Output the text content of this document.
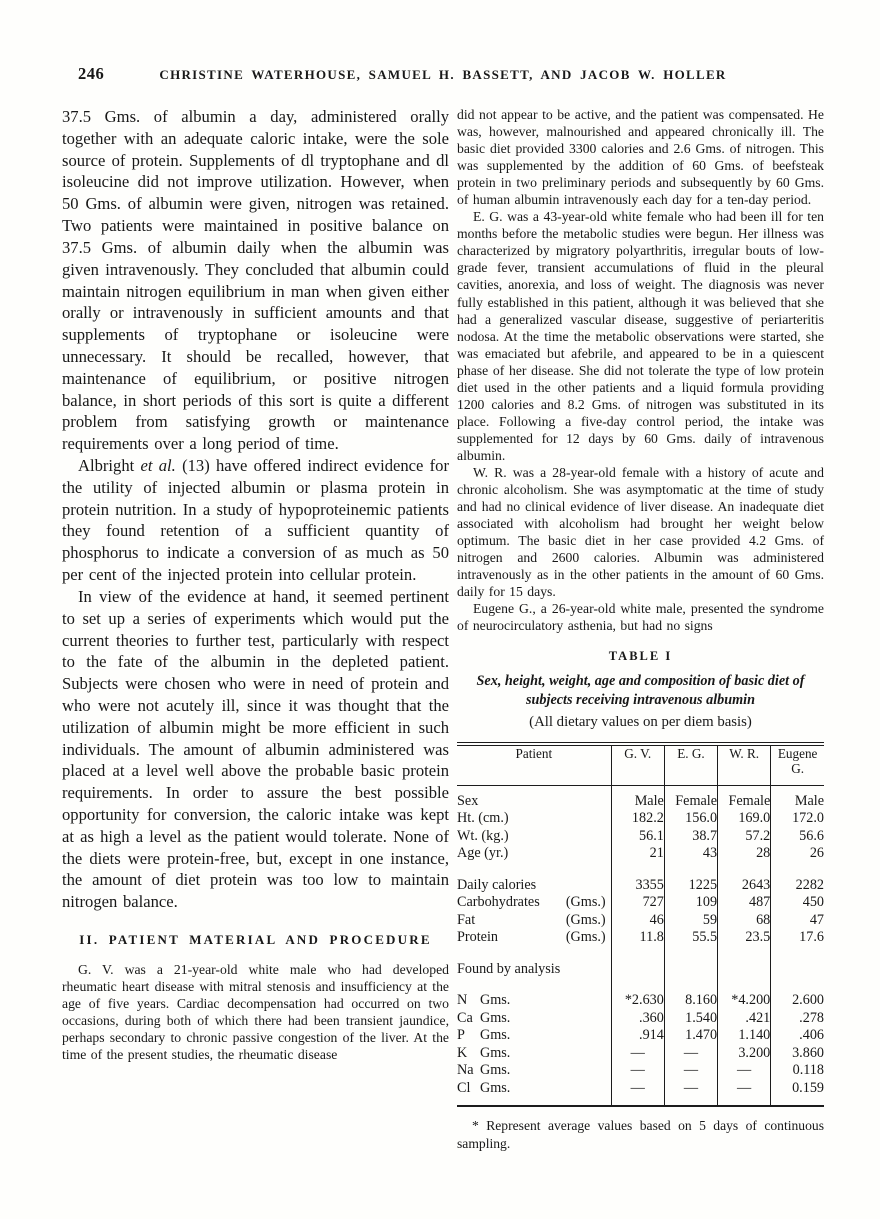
246	CHRISTINE WATERHOUSE, SAMUEL H. BASSETT, AND JACOB W. HOLLER

37.5 Gms. of albumin a day, administered orally together with an adequate caloric intake, were the sole source of protein. Supplements of dl tryptophane and dl isoleucine did not improve utilization. However, when 50 Gms. of albumin were given, nitrogen was retained. Two patients were maintained in positive balance on 37.5 Gms. of albumin daily when the albumin was given intravenously. They concluded that albumin could maintain nitrogen equilibrium in man when given either orally or intravenously in sufficient amounts and that supplements of tryptophane or isoleucine were unnecessary. It should be recalled, however, that maintenance of equilibrium, or positive nitrogen balance, in short periods of this sort is quite a different problem from satisfying growth or maintenance requirements over a long period of time.

Albright et al. (13) have offered indirect evidence for the utility of injected albumin or plasma protein in protein nutrition. In a study of hypoproteinemic patients they found retention of a sufficient quantity of phosphorus to indicate a conversion of as much as 50 per cent of the injected protein into cellular protein.

In view of the evidence at hand, it seemed pertinent to set up a series of experiments which would put the current theories to further test, particularly with respect to the fate of the albumin in the depleted patient. Subjects were chosen who were in need of protein and who were not acutely ill, since it was thought that the utilization of albumin might be more efficient in such individuals. The amount of albumin administered was placed at a level well above the probable basic protein requirements. In order to assure the best possible opportunity for conversion, the caloric intake was kept at as high a level as the patient would tolerate. None of the diets were protein-free, but, except in one instance, the amount of diet protein was too low to maintain nitrogen balance.

II. PATIENT MATERIAL AND PROCEDURE

G. V. was a 21-year-old white male who had developed rheumatic heart disease with mitral stenosis and insufficiency at the age of five years. Cardiac decompensation had occurred on two occasions, during both of which there had been transient jaundice, perhaps secondary to chronic passive congestion of the liver. At the time of the present studies, the rheumatic disease

did not appear to be active, and the patient was compensated. He was, however, malnourished and appeared chronically ill. The basic diet provided 3300 calories and 2.6 Gms. of nitrogen. This was supplemented by the addition of 60 Gms. of beefsteak protein in two preliminary periods and subsequently by 60 Gms. of human albumin intravenously each day for a ten-day period.

E. G. was a 43-year-old white female who had been ill for ten months before the metabolic studies were begun. Her illness was characterized by migratory polyarthritis, irregular bouts of low-grade fever, transient accumulations of fluid in the pleural cavities, anorexia, and loss of weight. The diagnosis was never fully established in this patient, although it was believed that she had a generalized vascular disease, suggestive of periarteritis nodosa. At the time the metabolic observations were started, she was emaciated but afebrile, and appeared to be in a quiescent phase of her disease. She did not tolerate the type of low protein diet used in the other patients and a liquid formula providing 1200 calories and 8.2 Gms. of nitrogen was substituted in its place. Following a five-day control period, the intake was supplemented for 12 days by 60 Gms. daily of intravenous albumin.

W. R. was a 28-year-old female with a history of acute and chronic alcoholism. She was asymptomatic at the time of study and had no clinical evidence of liver disease. An inadequate diet associated with alcoholism had brought her weight below optimum. The basic diet in her case provided 4.2 Gms. of nitrogen and 2600 calories. Albumin was administered intravenously as in the other patients in the amount of 60 Gms. daily for 15 days.

Eugene G., a 26-year-old white male, presented the syndrome of neurocirculatory asthenia, but had no signs

TABLE I
Sex, height, weight, age and composition of basic diet of subjects receiving intravenous albumin
(All dietary values on per diem basis)
Patient	G. V.	E. G.	W. R.	Eugene G.

Sex	Male	Female	Female	Male
Ht. (cm.)	182.2	156.0	169.0	172.0
Wt. (kg.)	56.1	38.7	57.2	56.6
Age (yr.)	21	43	28	26

Daily calories	3355	1225	2643	2282

Carbohydrates (Gms.)	727	109	487	450

Fat (Gms.)	46	59	68	47

Protein (Gms.)	11.8	55.5	23.5	17.6

Found by analysis				

N Gms.	*2.630	8.160	*4.200	2.600
Ca Gms.	.360	1.540	.421	.278
P Gms.	.914	1.470	1.140	.406
K Gms.	—	—	3.200	3.860
Na Gms.	—	—	—	0.118
Cl Gms.	—	—	—	0.159

* Represent average values based on 5 days of continuous sampling.
